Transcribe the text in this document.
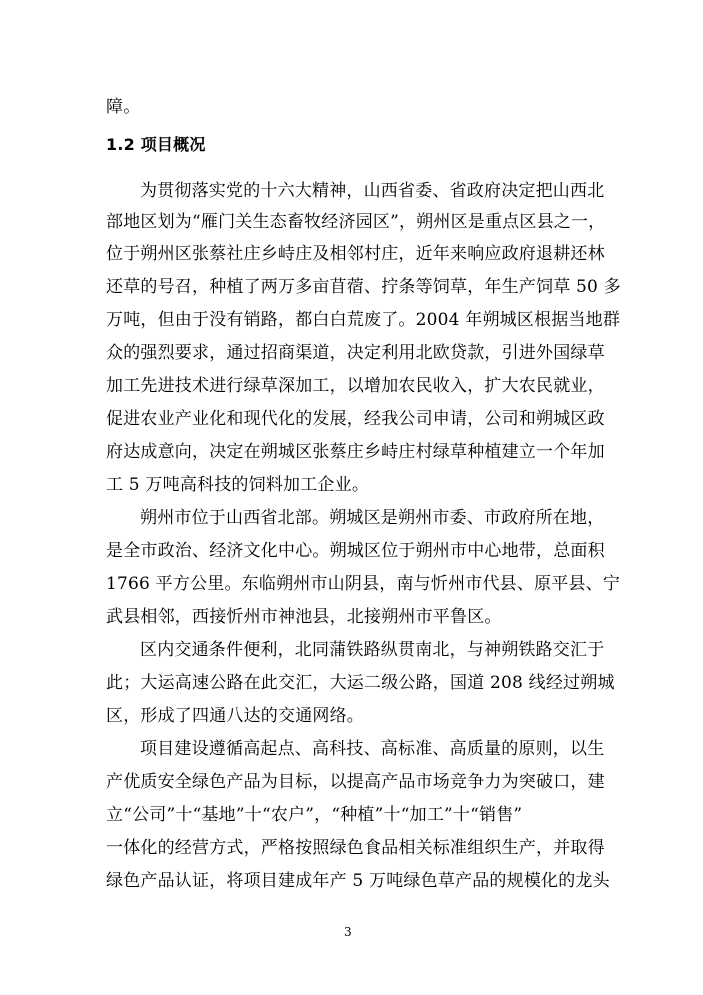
障。
1.2 项目概况
为贯彻落实党的十六大精神，山西省委、省政府决定把山西北
部地区划为“雁门关生态畜牧经济园区”，朔州区是重点区县之一，
位于朔州区张蔡社庄乡峙庄及相邻村庄，近年来响应政府退耕还林
还草的号召，种植了两万多亩苜蓿、拧条等饲草，年生产饲草 50 多
万吨，但由于没有销路，都白白荒废了。2004 年朔城区根据当地群
众的强烈要求，通过招商渠道，决定利用北欧贷款，引进外国绿草
加工先进技术进行绿草深加工，以增加农民收入，扩大农民就业，
促进农业产业化和现代化的发展，经我公司申请，公司和朔城区政
府达成意向，决定在朔城区张蔡庄乡峙庄村绿草种植建立一个年加
工 5 万吨高科技的饲料加工企业。
朔州市位于山西省北部。朔城区是朔州市委、市政府所在地，
是全市政治、经济文化中心。朔城区位于朔州市中心地带，总面积
1766 平方公里。东临朔州市山阴县，南与忻州市代县、原平县、宁
武县相邻，西接忻州市神池县，北接朔州市平鲁区。
区内交通条件便利，北同蒲铁路纵贯南北，与神朔铁路交汇于
此；大运高速公路在此交汇，大运二级公路，国道 208 线经过朔城
区，形成了四通八达的交通网络。
项目建设遵循高起点、高科技、高标准、高质量的原则，以生
产优质安全绿色产品为目标，以提高产品市场竞争力为突破口，建
立“公司”十“基地”十“农户”，“种植”十“加工”十“销售”
一体化的经营方式，严格按照绿色食品相关标准组织生产，并取得
绿色产品认证，将项目建成年产 5 万吨绿色草产品的规模化的龙头
3
